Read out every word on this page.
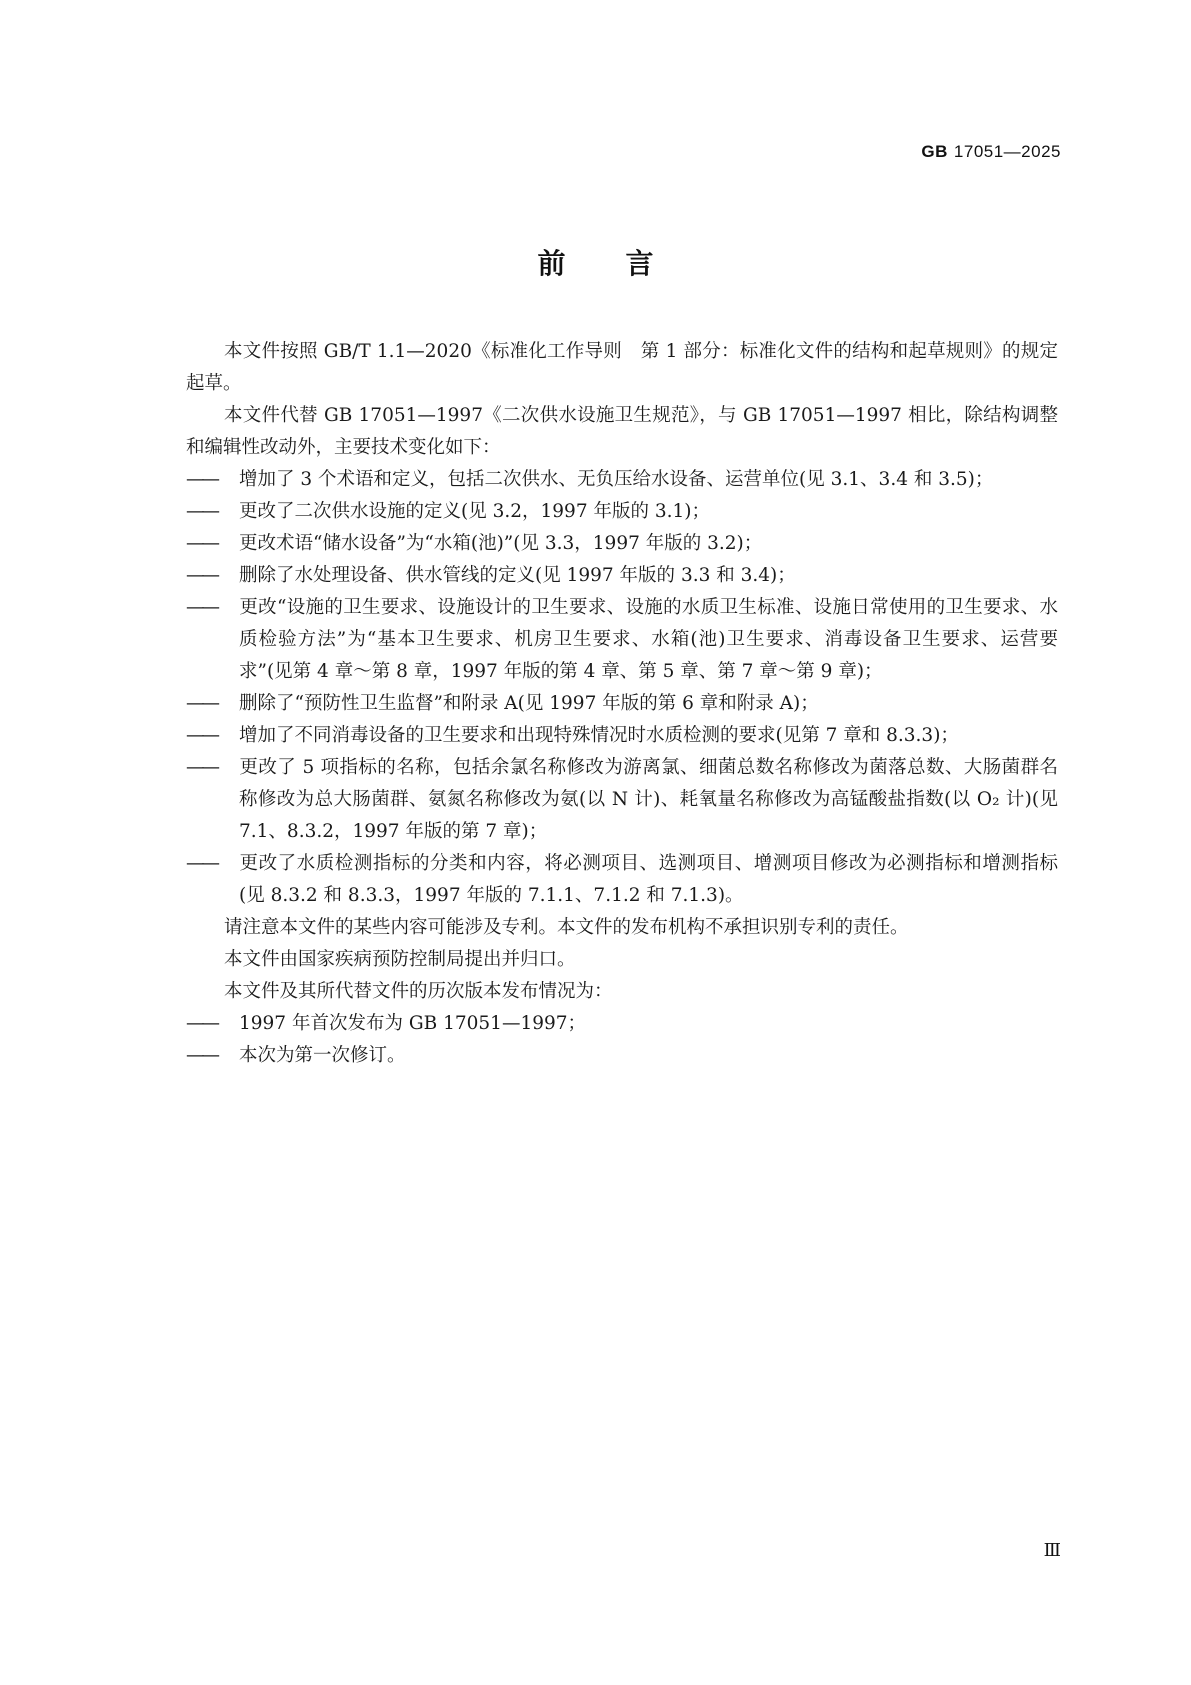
GB 17051—2025
前言

本文件按照 GB/T 1.1—2020《标准化工作导则　第 1 部分：标准化文件的结构和起草规则》的规定起草。

本文件代替 GB 17051—1997《二次供水设施卫生规范》，与 GB 17051—1997 相比，除结构调整和编辑性改动外，主要技术变化如下：

—— 增加了 3 个术语和定义，包括二次供水、无负压给水设备、运营单位(见 3.1、3.4 和 3.5)；

—— 更改了二次供水设施的定义(见 3.2，1997 年版的 3.1)；

—— 更改术语“储水设备”为“水箱(池)”(见 3.3，1997 年版的 3.2)；

—— 删除了水处理设备、供水管线的定义(见 1997 年版的 3.3 和 3.4)；

—— 更改“设施的卫生要求、设施设计的卫生要求、设施的水质卫生标准、设施日常使用的卫生要求、水质检验方法”为“基本卫生要求、机房卫生要求、水箱(池)卫生要求、消毒设备卫生要求、运营要求”(见第 4 章～第 8 章，1997 年版的第 4 章、第 5 章、第 7 章～第 9 章)；

—— 删除了“预防性卫生监督”和附录 A(见 1997 年版的第 6 章和附录 A)；

—— 增加了不同消毒设备的卫生要求和出现特殊情况时水质检测的要求(见第 7 章和 8.3.3)；

—— 更改了 5 项指标的名称，包括余氯名称修改为游离氯、细菌总数名称修改为菌落总数、大肠菌群名称修改为总大肠菌群、氨氮名称修改为氨(以 N 计)、耗氧量名称修改为高锰酸盐指数(以 O₂ 计)(见 7.1、8.3.2，1997 年版的第 7 章)；

—— 更改了水质检测指标的分类和内容，将必测项目、选测项目、增测项目修改为必测指标和增测指标(见 8.3.2 和 8.3.3，1997 年版的 7.1.1、7.1.2 和 7.1.3)。

请注意本文件的某些内容可能涉及专利。本文件的发布机构不承担识别专利的责任。

本文件由国家疾病预防控制局提出并归口。

本文件及其所代替文件的历次版本发布情况为：

—— 1997 年首次发布为 GB 17051—1997；

—— 本次为第一次修订。

Ⅲ
